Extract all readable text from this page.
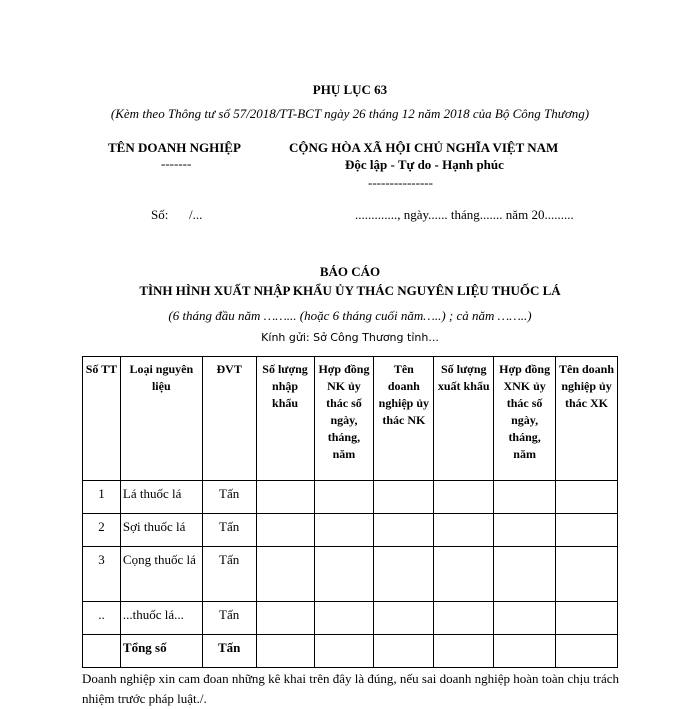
PHỤ LỤC 63
(Kèm theo Thông tư số 57/2018/TT-BCT ngày 26 tháng 12 năm 2018 của Bộ Công Thương)
TÊN DOANH NGHIỆP
-------
CỘNG HÒA XÃ HỘI CHỦ NGHĨA VIỆT NAM
Độc lập - Tự do - Hạnh phúc
---------------
Số: /...	............., ngày...... tháng....... năm 20.........
BÁO CÁO
TÌNH HÌNH XUẤT NHẬP KHẨU ỦY THÁC NGUYÊN LIỆU THUỐC LÁ
(6 tháng đầu năm ……... (hoặc 6 tháng cuối năm…..) ; cả năm ……..)
Kính gửi: Sở Công Thương tỉnh...
Số TT	Loại nguyên liệu	ĐVT	Số lượng nhập khẩu	Hợp đồng NK ủy thác số ngày, tháng, năm	Tên doanh nghiệp ủy thác NK	Số lượng xuất khẩu	Hợp đồng XNK ủy thác số ngày, tháng, năm	Tên doanh nghiệp ủy thác XK
1	Lá thuốc lá	Tấn						
2	Sợi thuốc lá	Tấn						
3	Cọng thuốc lá	Tấn						
..	...thuốc lá...	Tấn						
	Tổng số	Tấn						
Doanh nghiệp xin cam đoan những kê khai trên đây là đúng, nếu sai doanh nghiệp hoàn toàn chịu trách nhiệm trước pháp luật./.
